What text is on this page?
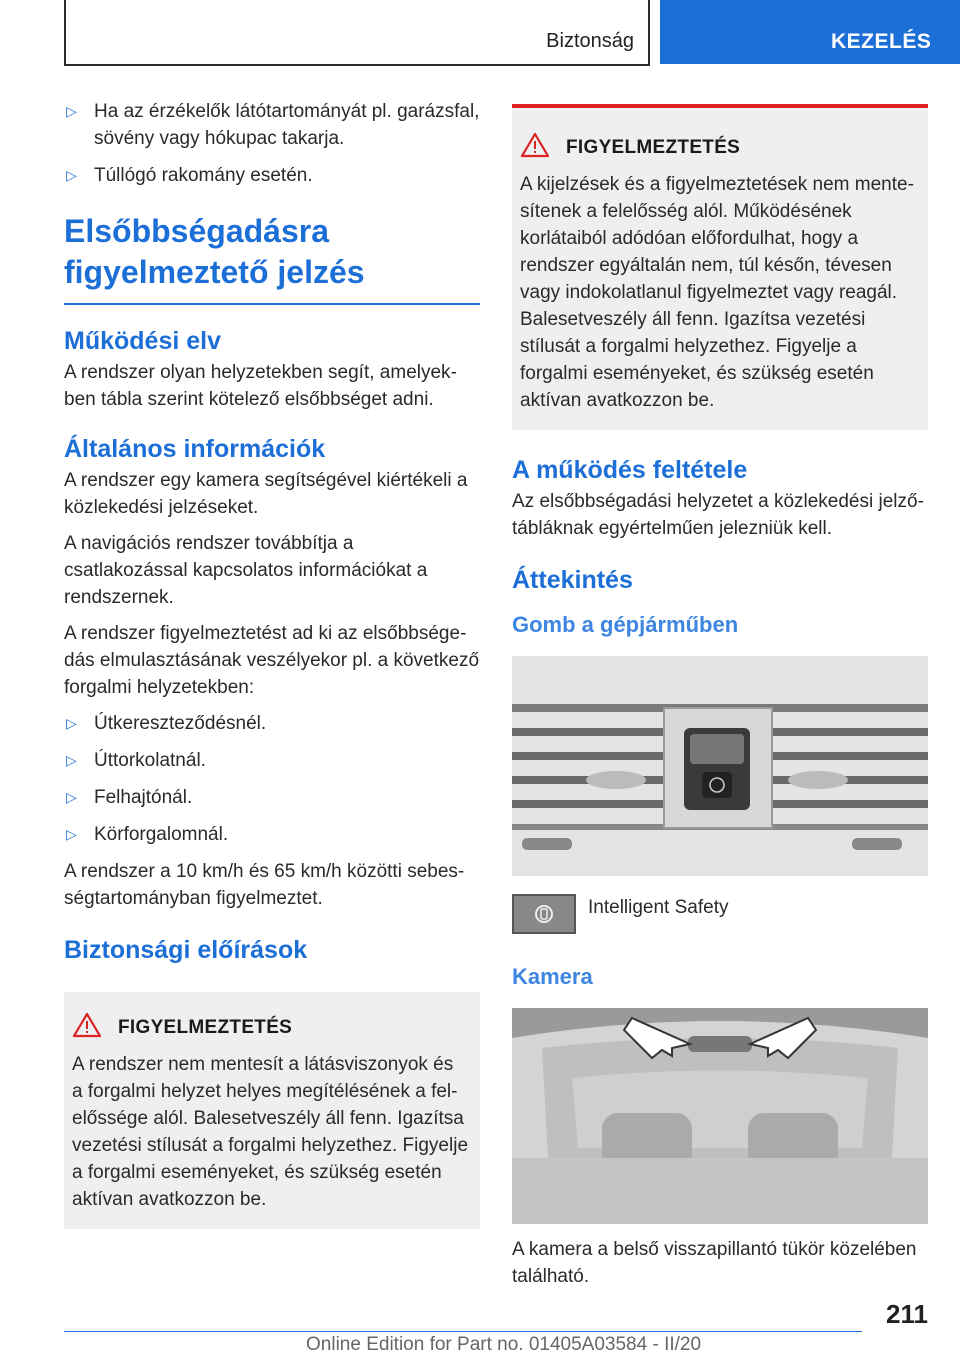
Biztonság	KEZELÉS
▷ Ha az érzékelők látótartományát pl. garázsfal, sövény vagy hókupac takarja.
▷ Túllógó rakomány esetén.
Elsőbbségadásra figyelmeztető jelzés
Működési elv

A rendszer olyan helyzetekben segít, amelyekben tábla szerint kötelező elsőbbséget adni.

Általános információk

A rendszer egy kamera segítségével kiértékeli a közlekedési jelzéseket.

A navigációs rendszer továbbítja a csatlakozással kapcsolatos információkat a rendszernek.

A rendszer figyelmeztetést ad ki az elsőbbségedás elmulasztásának veszélyekor pl. a következő forgalmi helyzetekben:

▷ Útkereszteződésnél.
▷ Úttorkolatnál.
▷ Felhajtónál.
▷ Körforgalomnál.

A rendszer a 10 km/h és 65 km/h közötti sebességtartományban figyelmeztet.

Biztonsági előírások
FIGYELMEZTETÉS

A rendszer nem mentesít a látásviszonyok és a forgalmi helyzet helyes megítélésének a felelősségе alól. Balesetveszély áll fenn. Igazítsa vezetési stílusát a forgalmi helyzethez. Figyelje a forgalmi eseményeket, és szükség esetén aktívan avatkozzon be.

FIGYELMEZTETÉS

A kijelzések és a figyelmeztetések nem mentesítenek a felelősség alól. Működésének korlátaiból adódóan előfordulhat, hogy a rendszer egyáltalán nem, túl későn, tévesen vagy indokolatlanul figyelmeztet vagy reagál. Balesetveszély áll fenn. Igazítsa vezetési stílusát a forgalmi helyzethez. Figyelje a forgalmi eseményeket, és szükség esetén aktívan avatkozzon be.

A működés feltétele

Az elsőbbségadási helyzetet a közlekedési jelzőtábláknak egyértelműen jelezniük kell.

Áttekintés
Gomb a gépjárműben

Intelligent Safety

Kamera

A kamera a belső visszapillantó tükör közelében található.

211
Online Edition for Part no. 01405A03584 - II/20
